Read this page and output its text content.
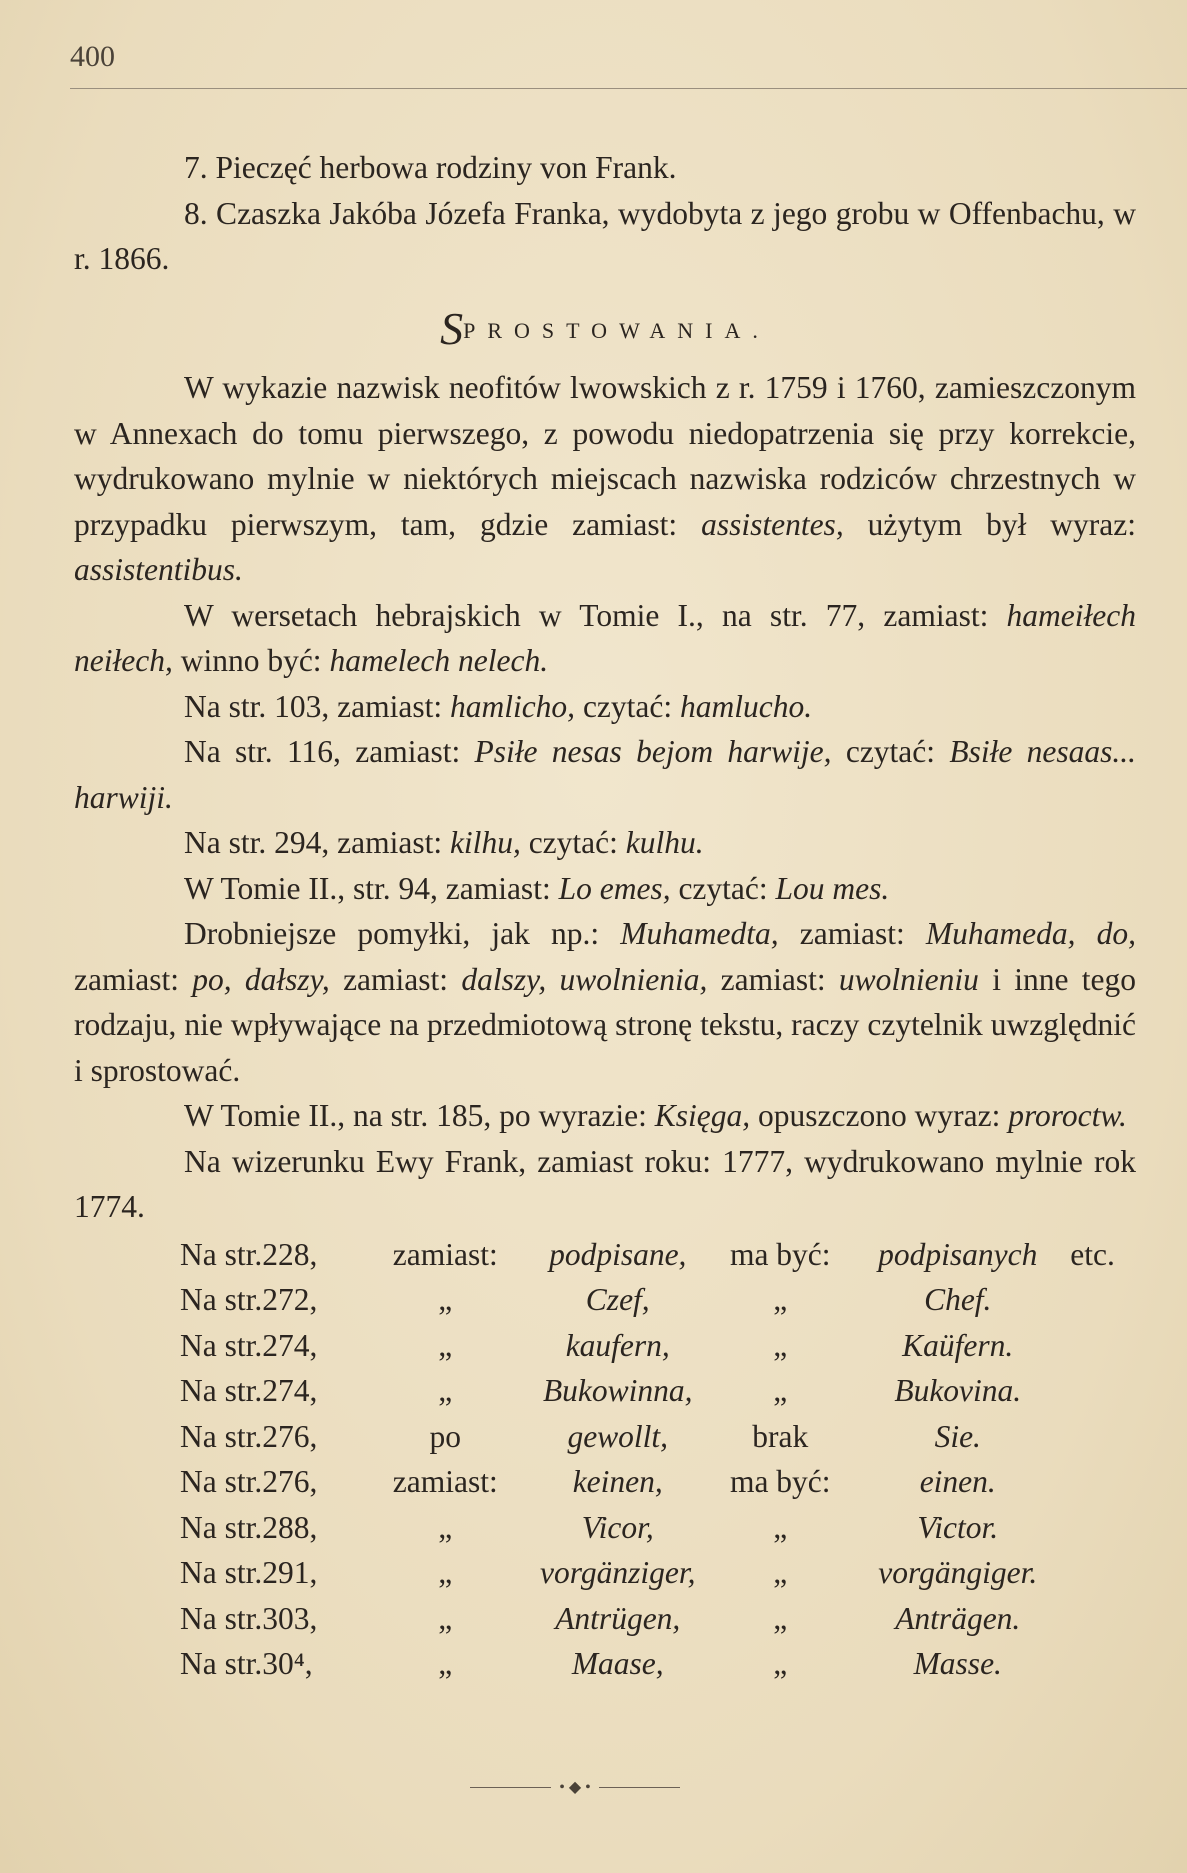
400

7. Pieczęć herbowa rodziny von Frank.

8. Czaszka Jakóba Józefa Franka, wydobyta z jego grobu w Offenbachu, w r. 1866.

SPROSTOWANIA.

W wykazie nazwisk neofitów lwowskich z r. 1759 i 1760, zamieszczonym w Annexach do tomu pierwszego, z powodu niedopatrzenia się przy korrekcie, wydrukowano mylnie w niektórych miejscach nazwiska rodziców chrzestnych w przypadku pierwszym, tam, gdzie zamiast: assistentes, użytym był wyraz: assistentibus.

W wersetach hebrajskich w Tomie I., na str. 77, zamiast: hameiłech neiłech, winno być: hamelech nelech.

Na str. 103, zamiast: hamlicho, czytać: hamlucho.

Na str. 116, zamiast: Psiłe nesas bejom harwije, czytać: Bsiłe nesaas... harwiji.

Na str. 294, zamiast: kilhu, czytać: kulhu.

W Tomie II., str. 94, zamiast: Lo emes, czytać: Lou mes.

Drobniejsze pomyłki, jak np.: Muhamedta, zamiast: Muhameda, do, zamiast: po, dałszy, zamiast: dalszy, uwolnienia, zamiast: uwolnieniu i inne tego rodzaju, nie wpływające na przedmiotową stronę tekstu, raczy czytelnik uwzględnić i sprostować.

W Tomie II., na str. 185, po wyrazie: Księga, opuszczono wyraz: proroctw.

Na wizerunku Ewy Frank, zamiast roku: 1777, wydrukowano mylnie rok 1774.

Na str.	228,	zamiast:	podpisane,	ma być:	podpisanych	etc.
Na str.	272,	„	Czef,	„	Chef.	
Na str.	274,	„	kaufern,	„	Kaüfern.	
Na str.	274,	„	Bukowinna,	„	Bukovina.	
Na str.	276,	po	gewollt,	brak	Sie.	
Na str.	276,	zamiast:	keinen,	ma być:	einen.	
Na str.	288,	„	Vicor,	„	Victor.	
Na str.	291,	„	vorgänziger,	„	vorgängiger.	
Na str.	303,	„	Antrügen,	„	Anträgen.	
Na str.	30⁴,	„	Maase,	„	Masse.	
• ◆ •
